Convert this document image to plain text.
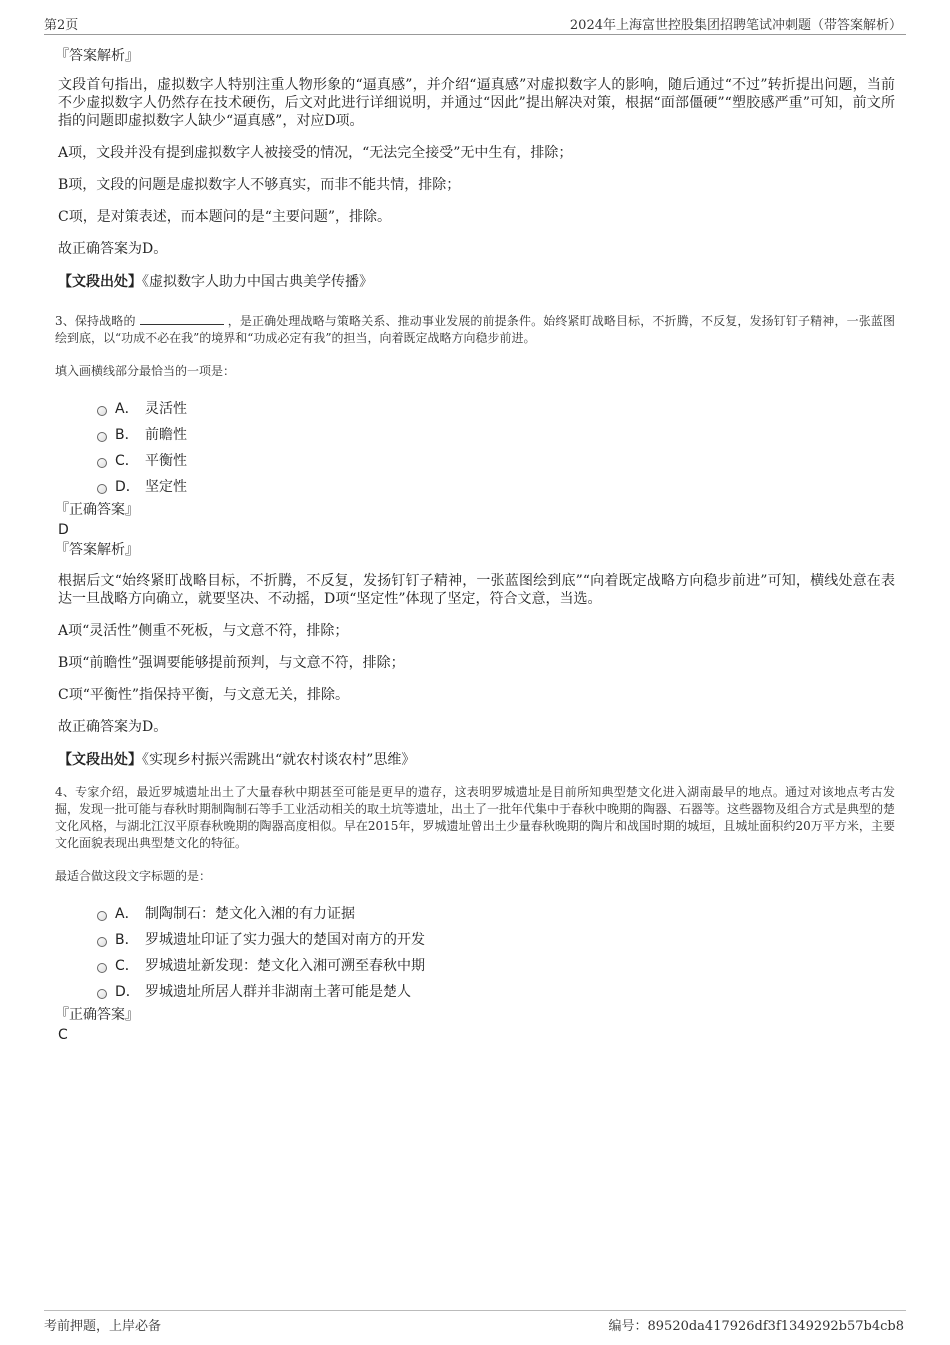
第2页	2024年上海富世控股集团招聘笔试冲刺题（带答案解析）
『答案解析』
文段首句指出，虚拟数字人特别注重人物形象的“逼真感”，并介绍“逼真感”对虚拟数字人的影响，随后通过“不过”转折提出问题，当前不少虚拟数字人仍然存在技术硬伤，后文对此进行详细说明，并通过“因此”提出解决对策，根据“面部僵硬”“塑胶感严重”可知，前文所指的问题即虚拟数字人缺少“逼真感”，对应D项。
A项，文段并没有提到虚拟数字人被接受的情况，“无法完全接受”无中生有，排除；
B项，文段的问题是虚拟数字人不够真实，而非不能共情，排除；
C项，是对策表述，而本题问的是“主要问题”，排除。
故正确答案为D。
【文段出处】《虚拟数字人助力中国古典美学传播》
3、保持战略的	，是正确处理战略与策略关系、推动事业发展的前提条件。始终紧盯战略目标，不折腾，不反复，发扬钉钉子精神，一张蓝图绘到底，以“功成不必在我”的境界和“功成必定有我”的担当，向着既定战略方向稳步前进。
填入画横线部分最恰当的一项是：
A． 灵活性
B． 前瞻性
C． 平衡性
D． 坚定性
『正确答案』
D
『答案解析』
根据后文“始终紧盯战略目标，不折腾，不反复，发扬钉钉子精神，一张蓝图绘到底”“向着既定战略方向稳步前进”可知，横线处意在表达一旦战略方向确立，就要坚决、不动摇，D项“坚定性”体现了坚定，符合文意，当选。
A项“灵活性”侧重不死板，与文意不符，排除；
B项“前瞻性”强调要能够提前预判，与文意不符，排除；
C项“平衡性”指保持平衡，与文意无关，排除。
故正确答案为D。
【文段出处】《实现乡村振兴需跳出“就农村谈农村”思维》
4、专家介绍，最近罗城遗址出土了大量春秋中期甚至可能是更早的遗存，这表明罗城遗址是目前所知典型楚文化进入湖南最早的地点。通过对该地点考古发掘，发现一批可能与春秋时期制陶制石等手工业活动相关的取土坑等遗址，出土了一批年代集中于春秋中晚期的陶器、石器等。这些器物及组合方式是典型的楚文化风格，与湖北江汉平原春秋晚期的陶器高度相似。早在2015年，罗城遗址曾出土少量春秋晚期的陶片和战国时期的城垣，且城址面积约20万平方米，主要文化面貌表现出典型楚文化的特征。
最适合做这段文字标题的是：
A． 制陶制石：楚文化入湘的有力证据
B． 罗城遗址印证了实力强大的楚国对南方的开发
C． 罗城遗址新发现：楚文化入湘可溯至春秋中期
D． 罗城遗址所居人群并非湖南土著可能是楚人
『正确答案』
C
考前押题，上岸必备	编号：89520da417926df3f1349292b57b4cb8
